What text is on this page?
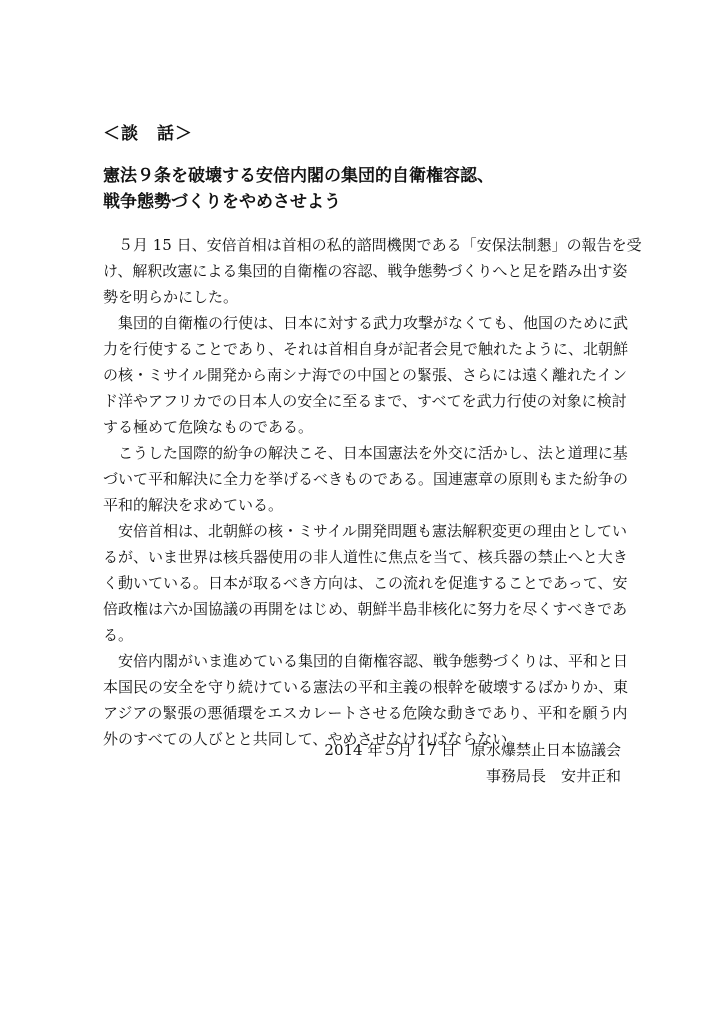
＜談　話＞
憲法９条を破壊する安倍内閣の集団的自衛権容認、
戦争態勢づくりをやめさせよう
　５月 15 日、安倍首相は首相の私的諮問機関である「安保法制懇」の報告を受
け、解釈改憲による集団的自衛権の容認、戦争態勢づくりへと足を踏み出す姿
勢を明らかにした。
　集団的自衛権の行使は、日本に対する武力攻撃がなくても、他国のために武
力を行使することであり、それは首相自身が記者会見で触れたように、北朝鮮
の核・ミサイル開発から南シナ海での中国との緊張、さらには遠く離れたイン
ド洋やアフリカでの日本人の安全に至るまで、すべてを武力行使の対象に検討
する極めて危険なものである。
　こうした国際的紛争の解決こそ、日本国憲法を外交に活かし、法と道理に基
づいて平和解決に全力を挙げるべきものである。国連憲章の原則もまた紛争の
平和的解決を求めている。
　安倍首相は、北朝鮮の核・ミサイル開発問題も憲法解釈変更の理由としてい
るが、いま世界は核兵器使用の非人道性に焦点を当て、核兵器の禁止へと大き
く動いている。日本が取るべき方向は、この流れを促進することであって、安
倍政権は六か国協議の再開をはじめ、朝鮮半島非核化に努力を尽くすべきであ
る。
　安倍内閣がいま進めている集団的自衛権容認、戦争態勢づくりは、平和と日
本国民の安全を守り続けている憲法の平和主義の根幹を破壊するばかりか、東
アジアの緊張の悪循環をエスカレートさせる危険な動きであり、平和を願う内
外のすべての人びとと共同して、やめさせなければならない。
2014 年５月 17 日　原水爆禁止日本協議会
事務局長　安井正和
